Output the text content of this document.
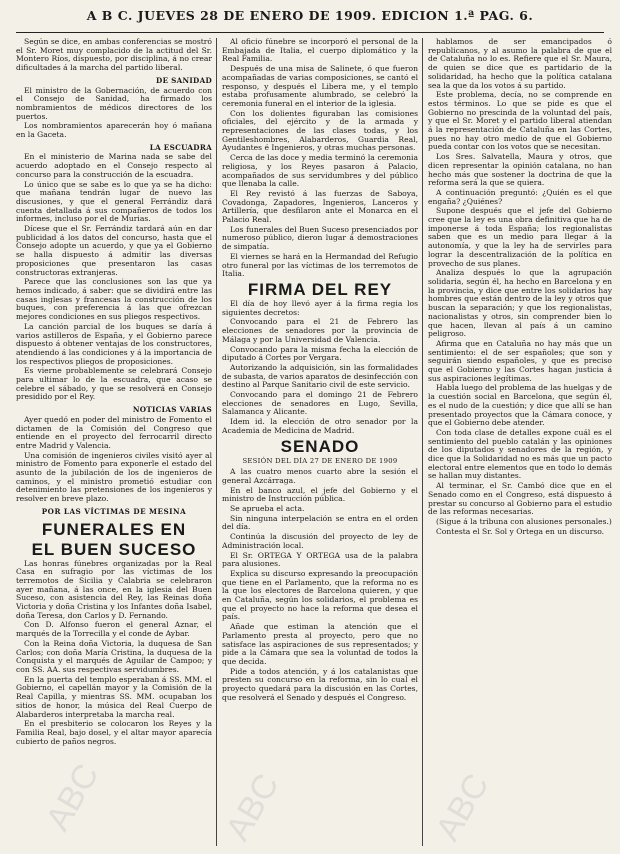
A B C. JUEVES 28 DE ENERO DE 1909. EDICION 1.ª PAG. 6.

Según se dice, en ambas conferencias se mostró el Sr. Moret muy complacido de la actitud del Sr. Montero Ríos, dispuesto, por disciplina, á no crear dificultades á la marcha del partido liberal.

DE SANIDAD

El ministro de la Gobernación, de acuerdo con el Consejo de Sanidad, ha firmado los nombramientos de médicos directores de los puertos.

Los nombramientos aparecerán hoy ó mañana en la Gaceta.

LA ESCUADRA

En el ministerio de Marina nada se sabe del acuerdo adoptado en el Consejo respecto al concurso para la construcción de la escuadra.

Lo único que se sabe es lo que ya se ha dicho: que mañana tendrán lugar de nuevo las discusiones, y que el general Ferrándiz dará cuenta detallada á sus compañeros de todos los informes, incluso por el de Murias.

Dícese que el Sr. Ferrándiz tardará aún en dar publicidad á los datos del concurso, hasta que el Consejo adopte un acuerdo, y que ya el Gobierno se halla dispuesto á admitir las diversas proposiciones que presentaron las casas constructoras extranjeras.

Parece que las conclusiones son las que ya hemos indicado, á saber: que se dividirá entre las casas inglesas y francesas la construcción de los buques, con preferencia á las que ofrezcan mejores condiciones en sus pliegos respectivos.

La canción parcial de los buques se daría á varios astilleros de España, y el Gobierno parece dispuesto á obtener ventajas de los constructores, atendiendo á las condiciones y á la importancia de los respectivos pliegos de proposiciones.

Es vierne probablemente se celebrará Consejo para ultimar lo de la escuadra, que acaso se celebre el sábado, y que se resolverá en Consejo presidido por el Rey.

NOTICIAS VARIAS

Ayer quedó en poder del ministro de Fomento el dictamen de la Comisión del Congreso que entiende en el proyecto del ferrocarril directo entre Madrid y Valencia.

Una comisión de ingenieros civiles visitó ayer al ministro de Fomento para exponerle el estado del asunto de la jubilación de los de ingenieros de caminos, y el ministro prometió estudiar con detenimiento las pretensiones de los ingenieros y resolver en breve plazo.

POR LAS VÍCTIMAS DE MESINA
FUNERALES EN
EL BUEN SUCESO

Las honras fúnebres organizadas por la Real Casa en sufragio por las víctimas de los terremotos de Sicilia y Calabria se celebraron ayer mañana, á las once, en la iglesia del Buen Suceso, con asistencia del Rey, las Reinas doña Victoria y doña Cristina y los Infantes doña Isabel, doña Teresa, don Carlos y D. Fernando.

Con D. Alfonso fueron el general Aznar, el marqués de la Torrecilla y el conde de Aybar.

Con la Reina doña Victoria, la duquesa de San Carlos; con doña María Cristina, la duquesa de la Conquista y el marqués de Aguilar de Campoo; y con SS. AA. sus respectivas servidumbres.

En la puerta del templo esperaban á SS. MM. el Gobierno, el capellán mayor y la Comisión de la Real Capilla, y mientras SS. MM. ocupaban los sitios de honor, la música del Real Cuerpo de Alabarderos interpretaba la marcha real.

En el presbiterio se colocaron los Reyes y la Familia Real, bajo dosel, y el altar mayor aparecía cubierto de paños negros.

Al oficio fúnebre se incorporó el personal de la Embajada de Italia, el cuerpo diplomático y la Real Familia.

Después de una misa de Salinete, ó que fueron acompañadas de varias composiciones, se cantó el responso, y después el Libera me, y el templo estaba profusamente alumbrado, se celebró la ceremonia funeral en el interior de la iglesia.

Con los dolientes figuraban las comisiones oficiales, del ejército y de la armada y representaciones de las clases todas, y los Gentileshombres, Alabarderos, Guardia Real, Ayudantes é Ingenieros, y otras muchas personas.

Cerca de las doce y media terminó la ceremonia religiosa, y los Reyes pasaron á Palacio, acompañados de sus servidumbres y del público que llenaba la calle.

El Rey revistó á las fuerzas de Saboya, Covadonga, Zapadores, Ingenieros, Lanceros y Artillería, que desfilaron ante el Monarca en el Palacio Real.

Los funerales del Buen Suceso presenciados por numeroso público, dieron lugar á demostraciones de simpatía.

El viernes se hará en la Hermandad del Refugio otro funeral por las víctimas de los terremotos de Italia.

FIRMA DEL REY

El día de hoy llevó ayer á la firma regia los siguientes decretos:

Convocando para el 21 de Febrero las elecciones de senadores por la provincia de Málaga y por la Universidad de Valencia.

Convocando para la misma fecha la elección de diputado á Cortes por Vergara.

Autorizando la adquisición, sin las formalidades de subasta, de varios aparatos de desinfección con destino al Parque Sanitario civil de este servicio.

Convocando para el domingo 21 de Febrero elecciones de senadores en Lugo, Sevilla, Salamanca y Alicante.

Idem id. la elección de otro senador por la Academia de Medicina de Madrid.

SENADO
SESIÓN DEL DÍA 27 DE ENERO DE 1909

A las cuatro menos cuarto abre la sesión el general Azcárraga.

En el banco azul, el jefe del Gobierno y el ministro de Instrucción pública.

Se aprueba el acta.

Sin ninguna interpelación se entra en el orden del día.

Continúa la discusión del proyecto de ley de Administración local.

El Sr. ORTEGA Y ORTEGA usa de la palabra para alusiones.

Explica su discurso expresando la preocupación que tiene en el Parlamento, que la reforma no es la que los electores de Barcelona quieren, y que en Cataluña, según los solidarios, el problema es que el proyecto no hace la reforma que desea el país.

Añade que estiman la atención que el Parlamento presta al proyecto, pero que no satisface las aspiraciones de sus representados; y pide a la Cámara que sea la voluntad de todos la que decida.

Pide a todos atención, y á los catalanistas que presten su concurso en la reforma, sin lo cual el proyecto quedará para la discusión en las Cortes, que resolverá el Senado y después el Congreso.

hablamos de ser emancipados ó republicanos, y al asumo la palabra de que el de Cataluña no lo es. Refiere que el Sr. Maura, de quien se dice que es partidario de la solidaridad, ha hecho que la política catalana sea la que da los votos á su partido.

Este problema, decía, no se comprende en estos términos. Lo que se pide es que el Gobierno no prescinda de la voluntad del país, y que el Sr. Moret y el partido liberal atiendan á la representación de Cataluña en las Cortes, pues no hay otro medio de que el Gobierno pueda contar con los votos que se necesitan.

Los Sres. Salvatella, Maura y otros, que dicen representar la opinión catalana, no han hecho más que sostener la doctrina de que la reforma será la que se quiera.

A continuación preguntó: ¿Quién es el que engaña? ¿Quiénes?

Supone después que el jefe del Gobierno cree que la ley es una obra definitiva que ha de imponerse á toda España; los regionalistas saben que es un medio para llegar á la autonomía, y que la ley ha de servirles para lograr la descentralización de la política en provecho de sus planes.

Analiza después lo que la agrupación solidaria, según él, ha hecho en Barcelona y en la provincia, y dice que entre los solidarios hay hombres que están dentro de la ley y otros que buscan la separación; y que los regionalistas, nacionalistas y otros, sin comprender bien lo que hacen, llevan al país á un camino peligroso.

Afirma que en Cataluña no hay más que un sentimiento: el de ser españoles; que son y seguirán siendo españoles, y que es preciso que el Gobierno y las Cortes hagan justicia á sus aspiraciones legítimas.

Habla luego del problema de las huelgas y de la cuestión social en Barcelona, que según él, es el nudo de la cuestión; y dice que allí se han presentado proyectos que la Cámara conoce, y que el Gobierno debe atender.

Con toda clase de detalles expone cuál es el sentimiento del pueblo catalán y las opiniones de los diputados y senadores de la región, y dice que la Solidaridad no es más que un pacto electoral entre elementos que en todo lo demás se hallan muy distantes.

Al terminar, el Sr. Cambó dice que en el Senado como en el Congreso, está dispuesto á prestar su concurso al Gobierno para el estudio de las reformas necesarias.

(Sigue á la tribuna con alusiones personales.)

Contesta el Sr. Sol y Ortega en un discurso.

ABC	ABC	ABC
